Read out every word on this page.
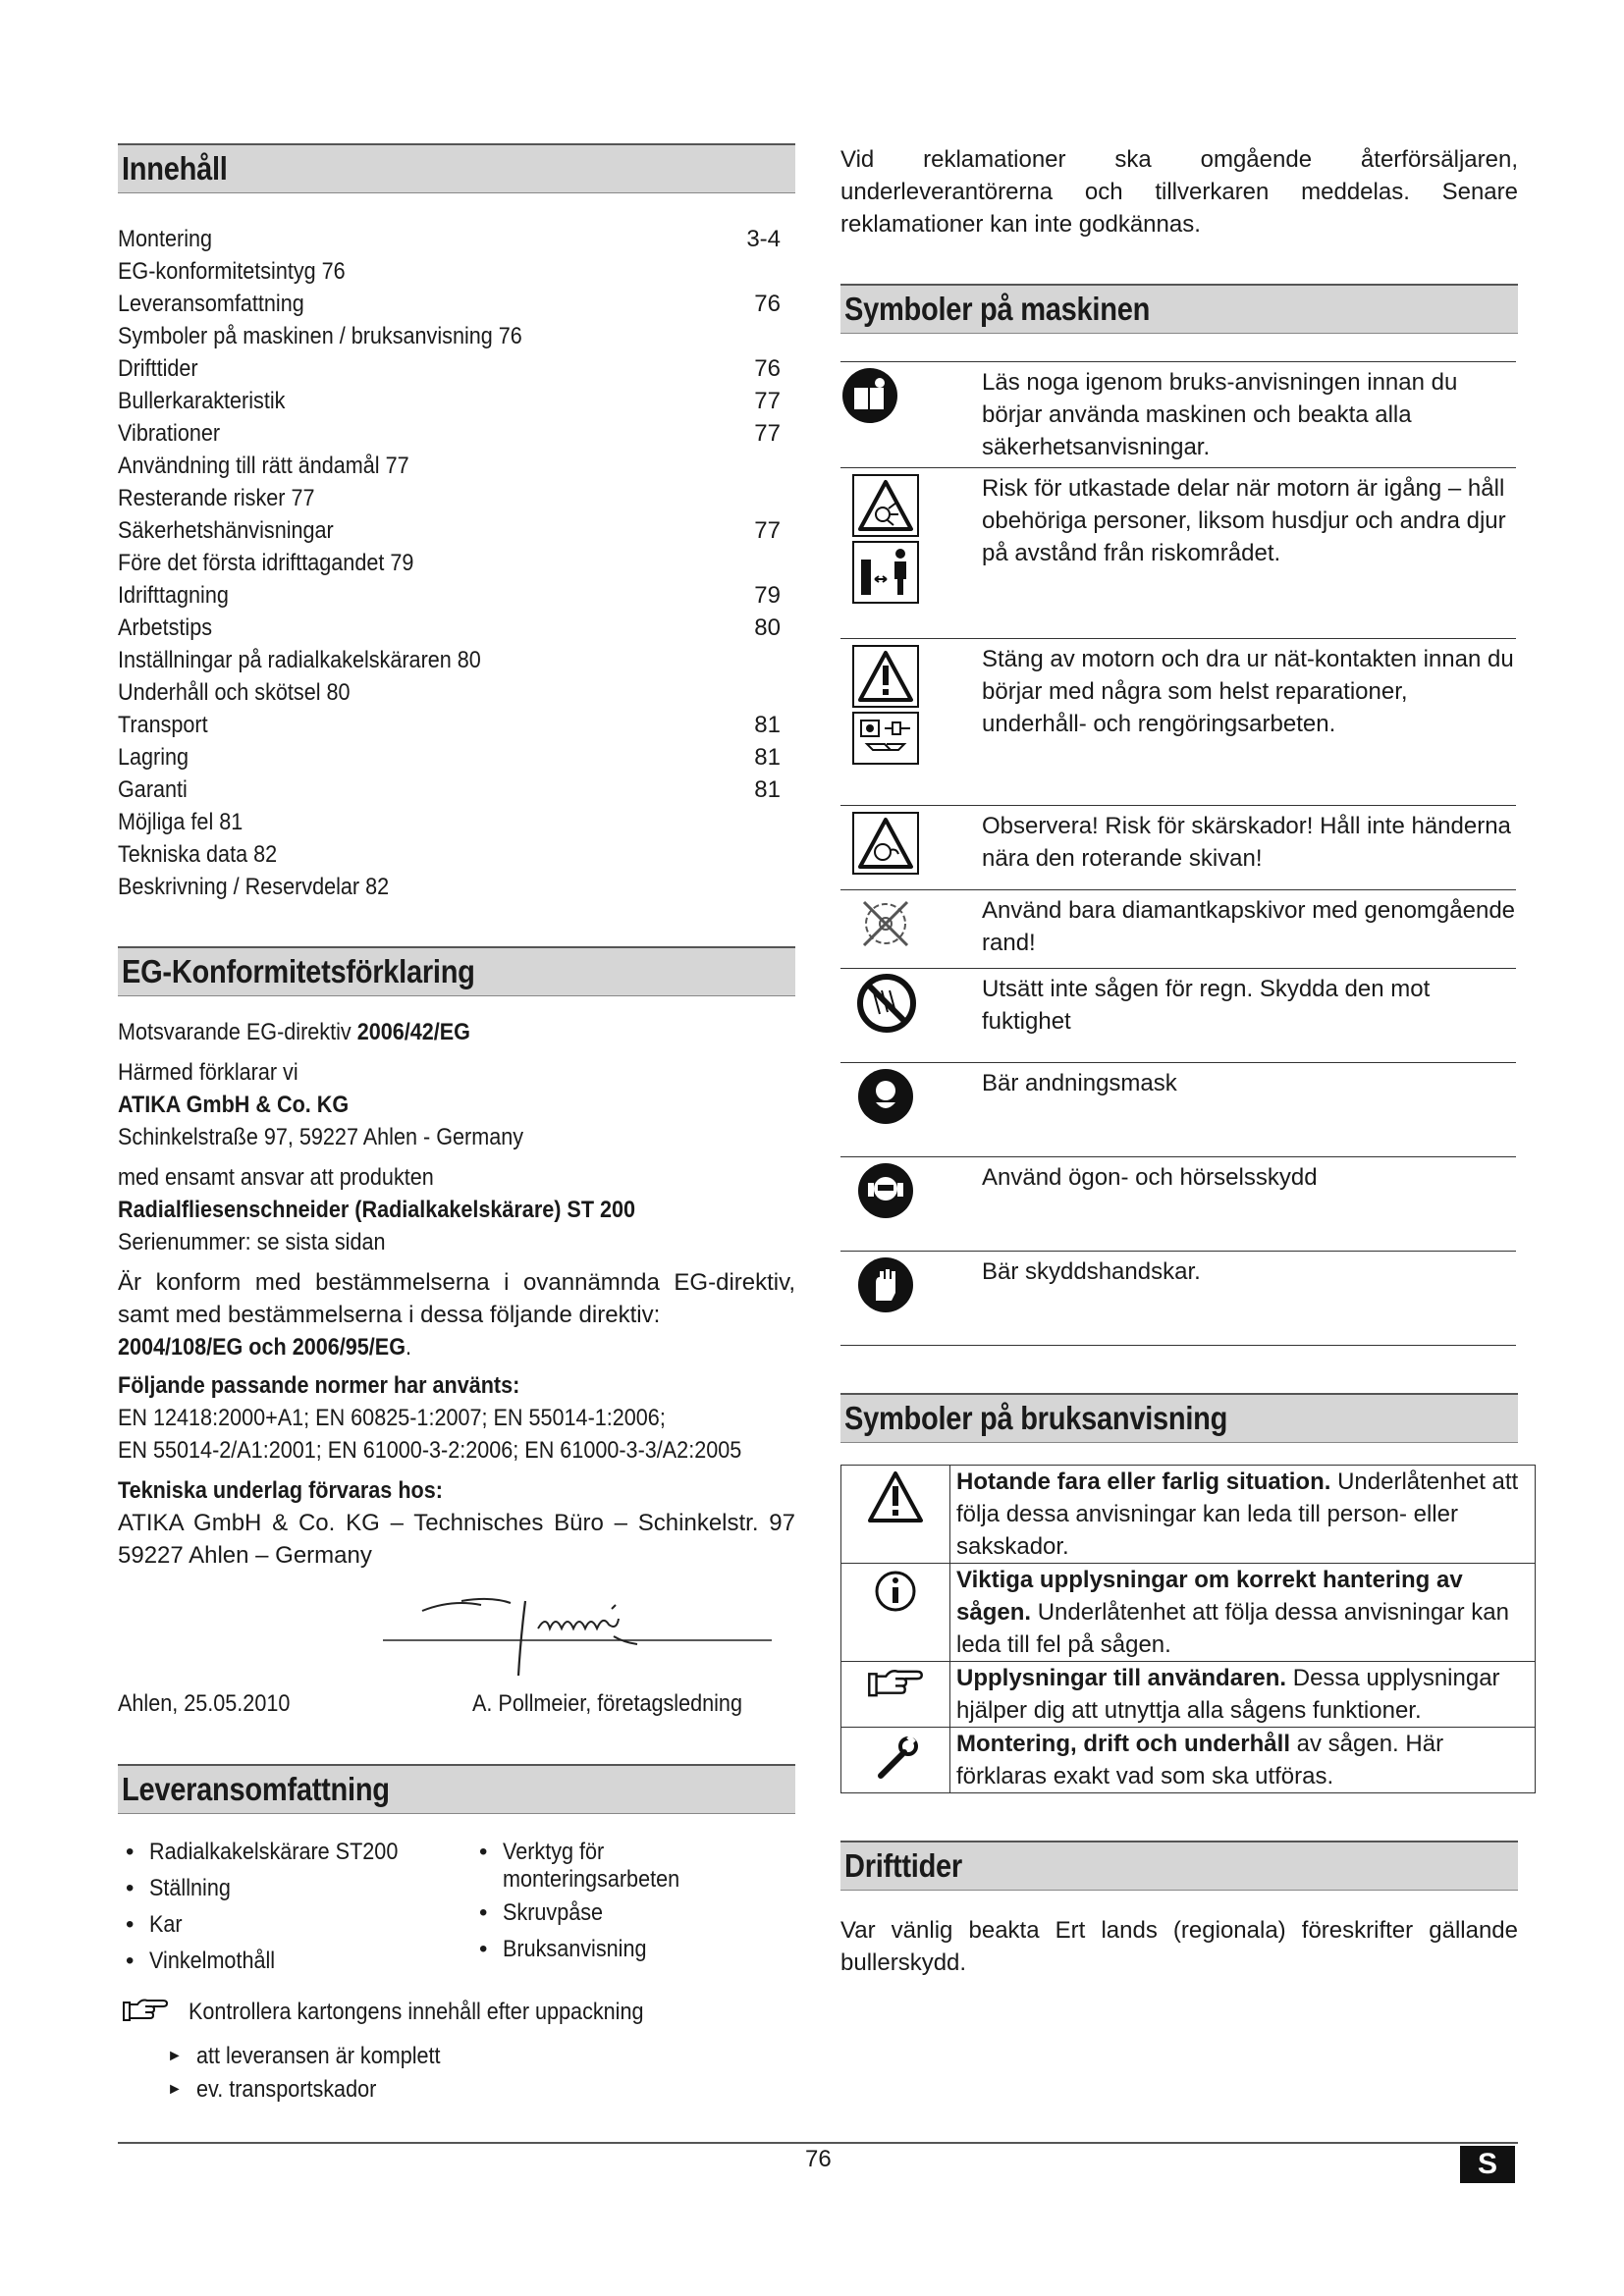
Innehåll
Montering	3-4
EG-konformitetsintyg 76
Leveransomfattning	76
Symboler på maskinen / bruksanvisning 76
Drifttider	76
Bullerkarakteristik	77
Vibrationer	77
Användning till rätt ändamål 77
Resterande risker 77
Säkerhetshänvisningar	77
Före det första idrifttagandet 79
Idrifttagning	79
Arbetstips	80
Inställningar på radialkakelskäraren 80
Underhåll och skötsel 80
Transport	81
Lagring	81
Garanti	81
Möjliga fel 81
Tekniska data 82
Beskrivning / Reservdelar 82
EG-Konformitetsförklaring
Motsvarande EG-direktiv 2006/42/EG
Härmed förklarar vi
ATIKA GmbH & Co. KG
Schinkelstraße 97, 59227 Ahlen - Germany
med ensamt ansvar att produkten
Radialfliesenschneider (Radialkakelskärare) ST 200
Serienummer: se sista sidan
Är konform med bestämmelserna i ovannämnda EG-direktiv, samt med bestämmelserna i dessa följande direktiv:
2004/108/EG och 2006/95/EG.
Följande passande normer har använts:
EN 12418:2000+A1; EN 60825-1:2007; EN 55014-1:2006;
EN 55014-2/A1:2001; EN 61000-3-2:2006; EN 61000-3-3/A2:2005
Tekniska underlag förvaras hos:
ATIKA GmbH & Co. KG – Technisches Büro – Schinkelstr. 97 59227 Ahlen – Germany
Ahlen, 25.05.2010	A. Pollmeier, företagsledning
Leveransomfattning
• Radialkakelskärare ST200
• Ställning
• Kar
• Vinkelmothåll
• Verktyg för
monteringsarbeten
• Skruvpåse
• Bruksanvisning
Kontrollera kartongens innehåll efter uppackning
► att leveransen är komplett
► ev. transportskador
Vid reklamationer ska omgående återförsäljaren, underleverantörerna och tillverkaren meddelas. Senare reklamationer kan inte godkännas.
Symboler på maskinen
	Läs noga igenom bruks-anvisningen innan du börjar använda maskinen och beakta alla säkerhetsanvisningar.

	Risk för utkastade delar när motorn är igång – håll obehöriga personer, liksom husdjur och andra djur på avstånd från riskområdet.

	Stäng av motorn och dra ur nät-kontakten innan du börjar med några som helst reparationer, underhåll- och rengöringsarbeten.

	Observera! Risk för skärskador! Håll inte händerna nära den roterande skivan!

	Använd bara diamantkapskivor med genomgående rand!

	Utsätt inte sågen för regn. Skydda den mot fuktighet

	Bär andningsmask

	Använd ögon- och hörselsskydd

	Bär skyddshandskar.

Symboler på bruksanvisning
	Hotande fara eller farlig situation. Underlåtenhet att följa dessa anvisningar kan leda till person- eller sakskador.

	Viktiga upplysningar om korrekt hantering av sågen. Underlåtenhet att följa dessa anvisningar kan leda till fel på sågen.

	Upplysningar till användaren. Dessa upplysningar hjälper dig att utnyttja alla sågens funktioner.

	Montering, drift och underhåll av sågen. Här förklaras exakt vad som ska utföras.
Drifttider
Var vänlig beakta Ert lands (regionala) föreskrifter gällande bullerskydd.
76	S
